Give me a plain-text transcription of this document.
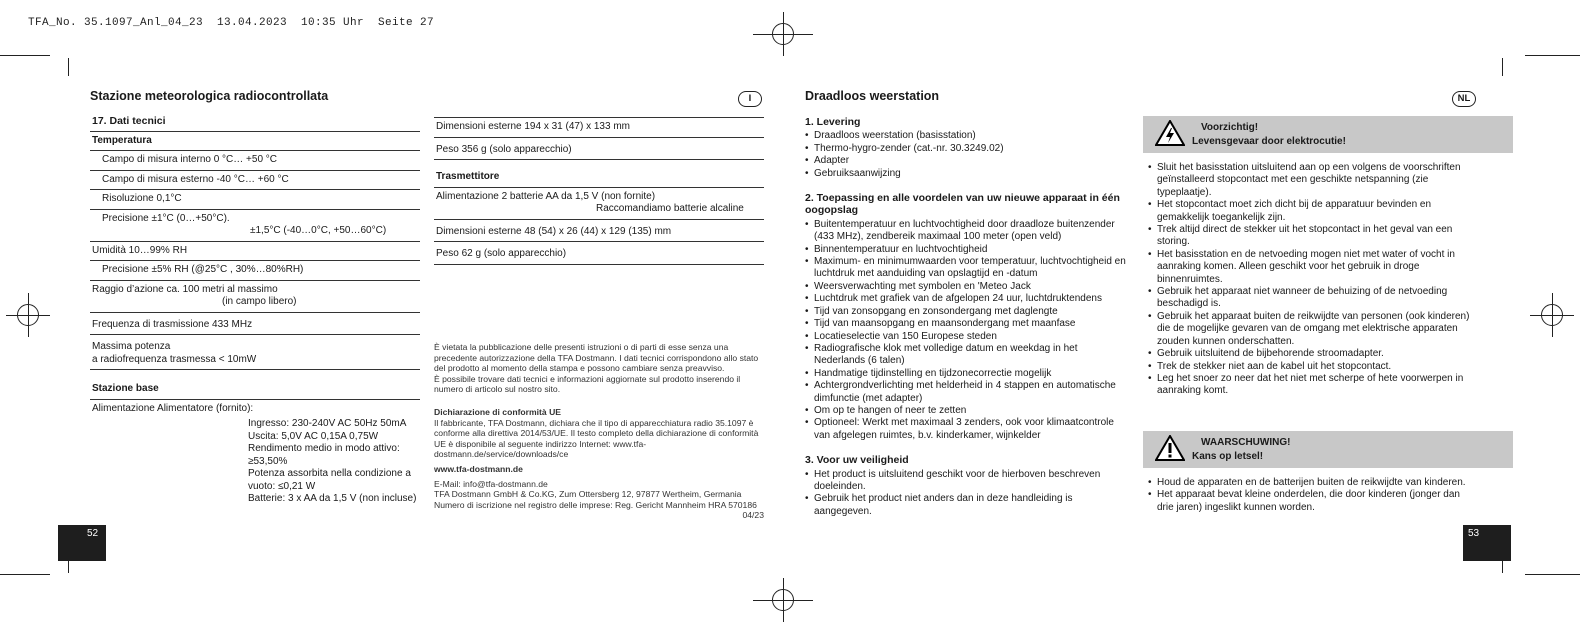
TFA_No. 35.1097_Anl_04_23  13.04.2023  10:35 Uhr  Seite 27
Stazione meteorologica radiocontrollata	I
17. Dati tecnici
Temperatura
Campo di misura interno 0 °C… +50 °C
Campo di misura esterno -40 °C… +60 °C
Risoluzione 0,1°C
Precisione ±1°C (0…+50°C).
±1,5°C (-40…0°C, +50…60°C)
Umidità 10…99% RH
Precisione ±5% RH (@25°C , 30%…80%RH)
Raggio d’azione ca. 100 metri al massimo
(in campo libero)
Frequenza di trasmissione 433 MHz
Massima potenza
a radiofrequenza trasmessa < 10mW
Stazione base
Alimentazione Alimentatore (fornito):
Ingresso: 230-240V AC 50Hz 50mA
Uscita: 5,0V AC 0,15A 0,75W
Rendimento medio in modo attivo:
≥53,50%
Potenza assorbita nella condizione a
vuoto: ≤0,21 W
Batterie: 3 x AA da 1,5 V (non incluse)
52
Dimensioni esterne 194 x 31 (47) x 133 mm
Peso 356 g (solo apparecchio)
Trasmettitore
Alimentazione 2 batterie AA da 1,5 V (non fornite)
Raccomandiamo batterie alcaline
Dimensioni esterne 48 (54) x 26 (44) x 129 (135) mm
Peso 62 g (solo apparecchio)
È vietata la pubblicazione delle presenti istruzioni o di parti di esse senza una precedente autorizzazione della TFA Dostmann. I dati tecnici corrispondono allo stato del prodotto al momento della stampa e possono cambiare senza preavviso.
È possibile trovare dati tecnici e informazioni aggiornate sul prodotto inserendo il numero di articolo sul nostro sito.
Dichiarazione di conformità UE
Il fabbricante, TFA Dostmann, dichiara che il tipo di apparecchiatura radio 35.1097 è conforme alla direttiva 2014/53/UE. Il testo completo della dichiarazione di conformità UE è disponibile al seguente indirizzo Internet: www.tfa-dostmann.de/service/downloads/ce
www.tfa-dostmann.de
E-Mail: info@tfa-dostmann.de
TFA Dostmann GmbH & Co.KG, Zum Ottersberg 12, 97877 Wertheim, Germania
Numero di iscrizione nel registro delle imprese: Reg. Gericht Mannheim HRA 570186
04/23
Draadloos weerstation	NL
1. Levering

• Draadloos weerstation (basisstation)

• Thermo-hygro-zender (cat.-nr. 30.3249.02)

• Adapter

• Gebruiksaanwijzing

2. Toepassing en alle voordelen van uw nieuwe apparaat in één oogopslag

• Buitentemperatuur en luchtvochtigheid door draadloze buitenzender (433 MHz), zendbereik maximaal 100 meter (open veld)

• Binnentemperatuur en luchtvochtigheid

• Maximum- en minimumwaarden voor temperatuur, luchtvochtigheid en luchtdruk met aanduiding van opslagtijd en -datum

• Weersverwachting met symbolen en 'Meteo Jack

• Luchtdruk met grafiek van de afgelopen 24 uur, luchtdruktendens

• Tijd van zonsopgang en zonsondergang met daglengte

• Tijd van maansopgang en maansondergang met maanfase

• Locatieselectie van 150 Europese steden

• Radiografische klok met volledige datum en weekdag in het Nederlands (6 talen)

• Handmatige tijdinstelling en tijdzonecorrectie mogelijk

• Achtergrondverlichting met helderheid in 4 stappen en automatische dimfunctie (met adapter)

• Om op te hangen of neer te zetten

• Optioneel: Werkt met maximaal 3 zenders, ook voor klimaatcontrole van afgelegen ruimtes, b.v. kinderkamer, wijnkelder

3. Voor uw veiligheid

• Het product is uitsluitend geschikt voor de hierboven beschreven doeleinden.

• Gebruik het product niet anders dan in deze handleiding is aangegeven.

Voorzichtig!
Levensgevaar door elektrocutie!

• Sluit het basisstation uitsluitend aan op een volgens de voorschriften geïnstalleerd stopcontact met een geschikte netspanning (zie typeplaatje).

• Het stopcontact moet zich dicht bij de apparatuur bevinden en gemakkelijk toegankelijk zijn.

• Trek altijd direct de stekker uit het stopcontact in het geval van een storing.

• Het basisstation en de netvoeding mogen niet met water of vocht in aanraking komen. Alleen geschikt voor het gebruik in droge binnenruimtes.

• Gebruik het apparaat niet wanneer de behuizing of de netvoeding beschadigd is.

• Gebruik het apparaat buiten de reikwijdte van personen (ook kinderen) die de mogelijke gevaren van de omgang met elektrische apparaten zouden kunnen onderschatten.

• Gebruik uitsluitend de bijbehorende stroomadapter.

• Trek de stekker niet aan de kabel uit het stopcontact.

• Leg het snoer zo neer dat het niet met scherpe of hete voorwerpen in aanraking komt.

WAARSCHUWING!
Kans op letsel!

• Houd de apparaten en de batterijen buiten de reikwijdte van kinderen.

• Het apparaat bevat kleine onderdelen, die door kinderen (jonger dan drie jaren) ingeslikt kunnen worden.

53
